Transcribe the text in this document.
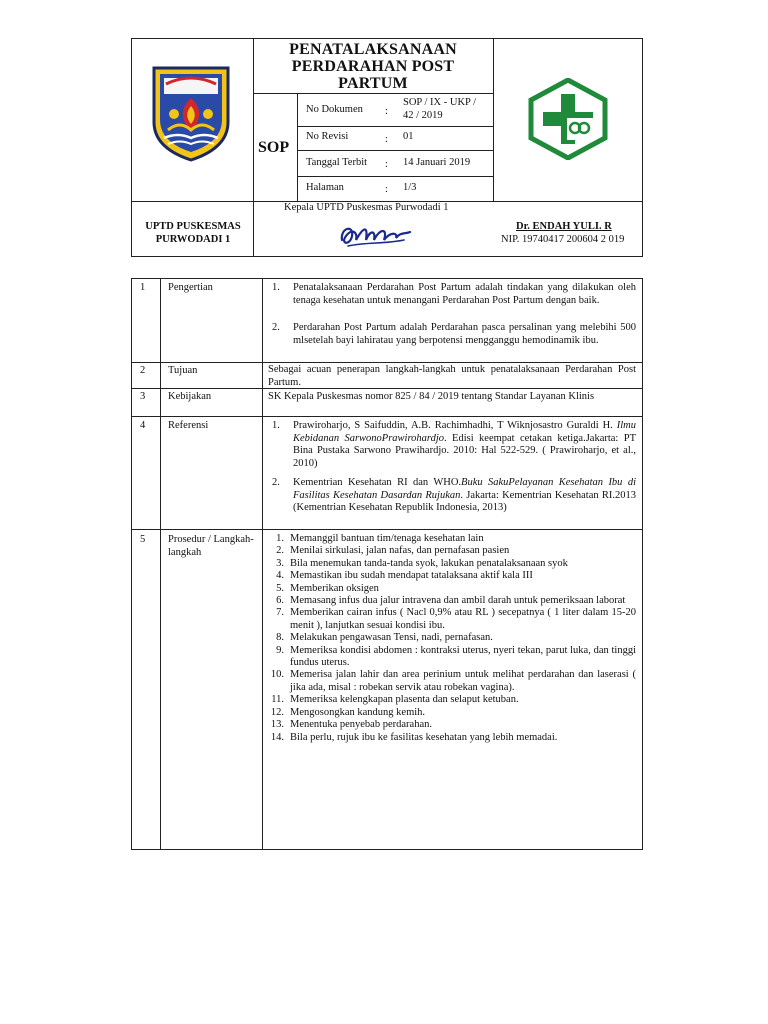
PENATALAKSANAAN PERDARAHAN POST PARTUM
SOP
No Dokumen :
SOP / IX - UKP / 42 / 2019
No Revisi	: 01
Tanggal Terbit : 14 Januari 2019
Halaman	: 1/3
UPTD PUSKESMAS PURWODADI 1
Kepala UPTD Puskesmas Purwodadi 1
Dr. ENDAH YULI. R
NIP. 19740417 200604 2 019
1 Pengertian	1. Penatalaksanaan Perdarahan Post Partum adalah tindakan yang dilakukan oleh tenaga kesehatan untuk menangani Perdarahan Post Partum dengan baik.
2. Perdarahan Post Partum adalah Perdarahan pasca persalinan yang melebihi 500 mlsetelah bayi lahiratau yang berpotensi mengganggu hemodinamik ibu.
2 Tujuan	Sebagai acuan penerapan langkah-langkah untuk penatalaksanaan Perdarahan Post Partum.
3 Kebijakan	SK Kepala Puskesmas nomor 825 / 84 / 2019 tentang Standar Layanan Klinis
4 Referensi	1. Prawiroharjo, S Saifuddin, A.B. Rachimhadhi, T Wiknjosastro Guraldi H. Ilmu Kebidanan SarwonoPrawirohardjo. Edisi keempat cetakan ketiga.Jakarta: PT Bina Pustaka Sarwono Prawihardjo. 2010: Hal 522-529. ( Prawiroharjo, et al., 2010)
2. Kementrian Kesehatan RI dan WHO.Buku SakuPelayanan Kesehatan Ibu di Fasilitas Kesehatan Dasardan Rujukan. Jakarta: Kementrian Kesehatan RI.2013 (Kementrian Kesehatan Republik Indonesia, 2013)
5 Prosedur / Langkah-langkah
1. Memanggil bantuan tim/tenaga kesehatan lain
2. Menilai sirkulasi, jalan nafas, dan pernafasan pasien
3. Bila menemukan tanda-tanda syok, lakukan penatalaksanaan syok
4. Memastikan ibu sudah mendapat tatalaksana aktif kala III
5. Memberikan oksigen
6. Memasang infus dua jalur intravena dan ambil darah untuk pemeriksaan laborat
7. Memberikan cairan infus ( Nacl 0,9% atau RL ) secepatnya ( 1 liter dalam 15-20 menit ), lanjutkan sesuai kondisi ibu.
8. Melakukan pengawasan Tensi, nadi, pernafasan.
9. Memeriksa kondisi abdomen : kontraksi uterus, nyeri tekan, parut luka, dan tinggi fundus uterus.
10. Memerisa jalan lahir dan area perinium untuk melihat perdarahan dan laserasi ( jika ada, misal : robekan servik atau robekan vagina).
11. Memeriksa kelengkapan plasenta dan selaput ketuban.
12. Mengosongkan kandung kemih.
13. Menentuka penyebab perdarahan.
14. Bila perlu, rujuk ibu ke fasilitas kesehatan yang lebih memadai.
